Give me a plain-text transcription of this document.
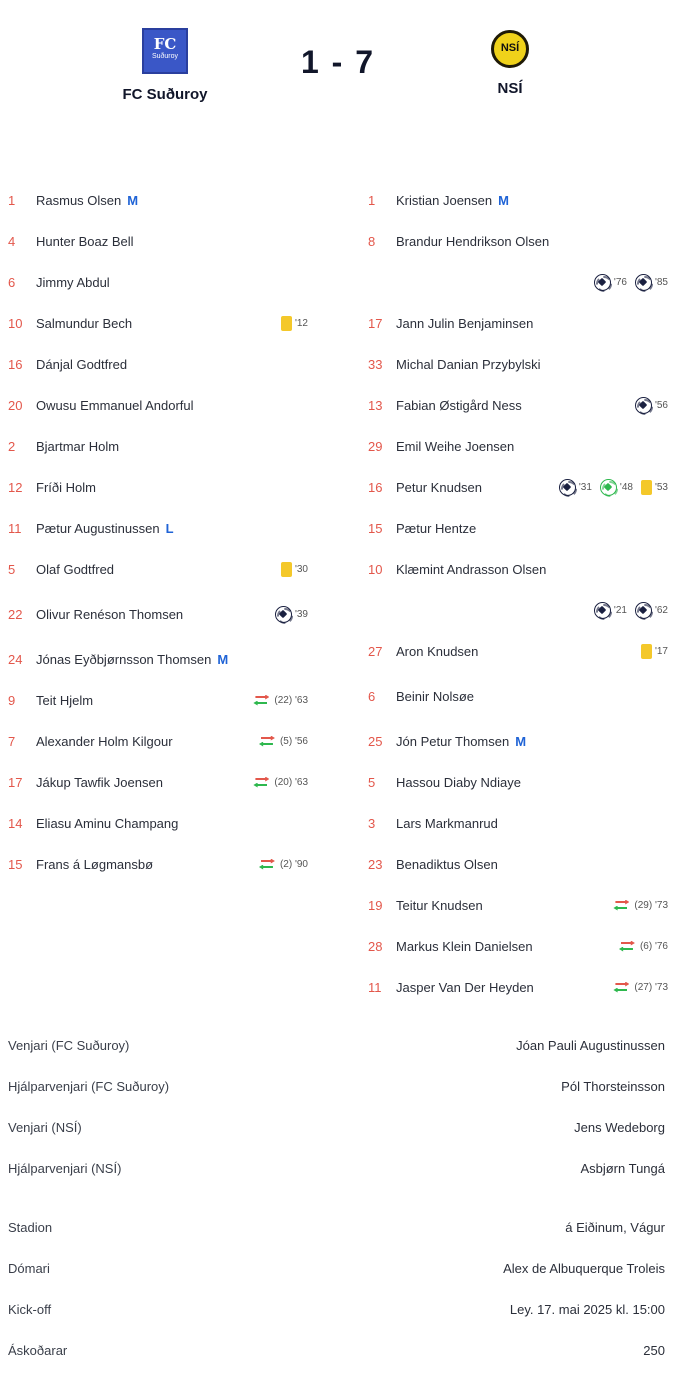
FC
Suðuroy
FC Suðuroy
1 - 7	NSÍ
NSÍ
1	Rasmus Olsen M
4	Hunter Boaz Bell
6	Jimmy Abdul
10	Salmundur Bech	'12
16	Dánjal Godtfred
20	Owusu Emmanuel Andorful
2	Bjartmar Holm
12	Fríði Holm
11	Pætur Augustinussen L
5	Olaf Godtfred	'30
22	Olivur Renéson Thomsen	'39
24	Jónas Eyðbjørnsson Thomsen M
9	Teit Hjelm	(22) '63
7	Alexander Holm Kilgour	(5) '56
17	Jákup Tawfik Joensen	(20) '63
14	Eliasu Aminu Champang
15	Frans á Løgmansbø	(2) '90
1	Kristian Joensen M
8	Brandur Hendrikson Olsen
'76	'85
17	Jann Julin Benjaminsen
33	Michal Danian Przybylski
13	Fabian Østigård Ness	'56
29	Emil Weihe Joensen
16	Petur Knudsen	'31	'48 '53
15	Pætur Hentze
10	Klæmint Andrasson Olsen
'21	'62
27	Aron Knudsen	'17
6	Beinir Nolsøe
25	Jón Petur Thomsen M
5	Hassou Diaby Ndiaye
3	Lars Markmanrud
23	Benadiktus Olsen
19	Teitur Knudsen	(29) '73
28	Markus Klein Danielsen	(6) '76
11	Jasper Van Der Heyden	(27) '73
Venjari (FC Suðuroy)	Jóan Pauli Augustinussen
Hjálparvenjari (FC Suðuroy)	Pól Thorsteinsson
Venjari (NSÍ)	Jens Wedeborg
Hjálparvenjari (NSÍ)	Asbjørn Tungá
Stadion	á Eiðinum, Vágur
Dómari	Alex de Albuquerque Troleis
Kick-off	Ley. 17. mai 2025 kl. 15:00
Áskoðarar	250
